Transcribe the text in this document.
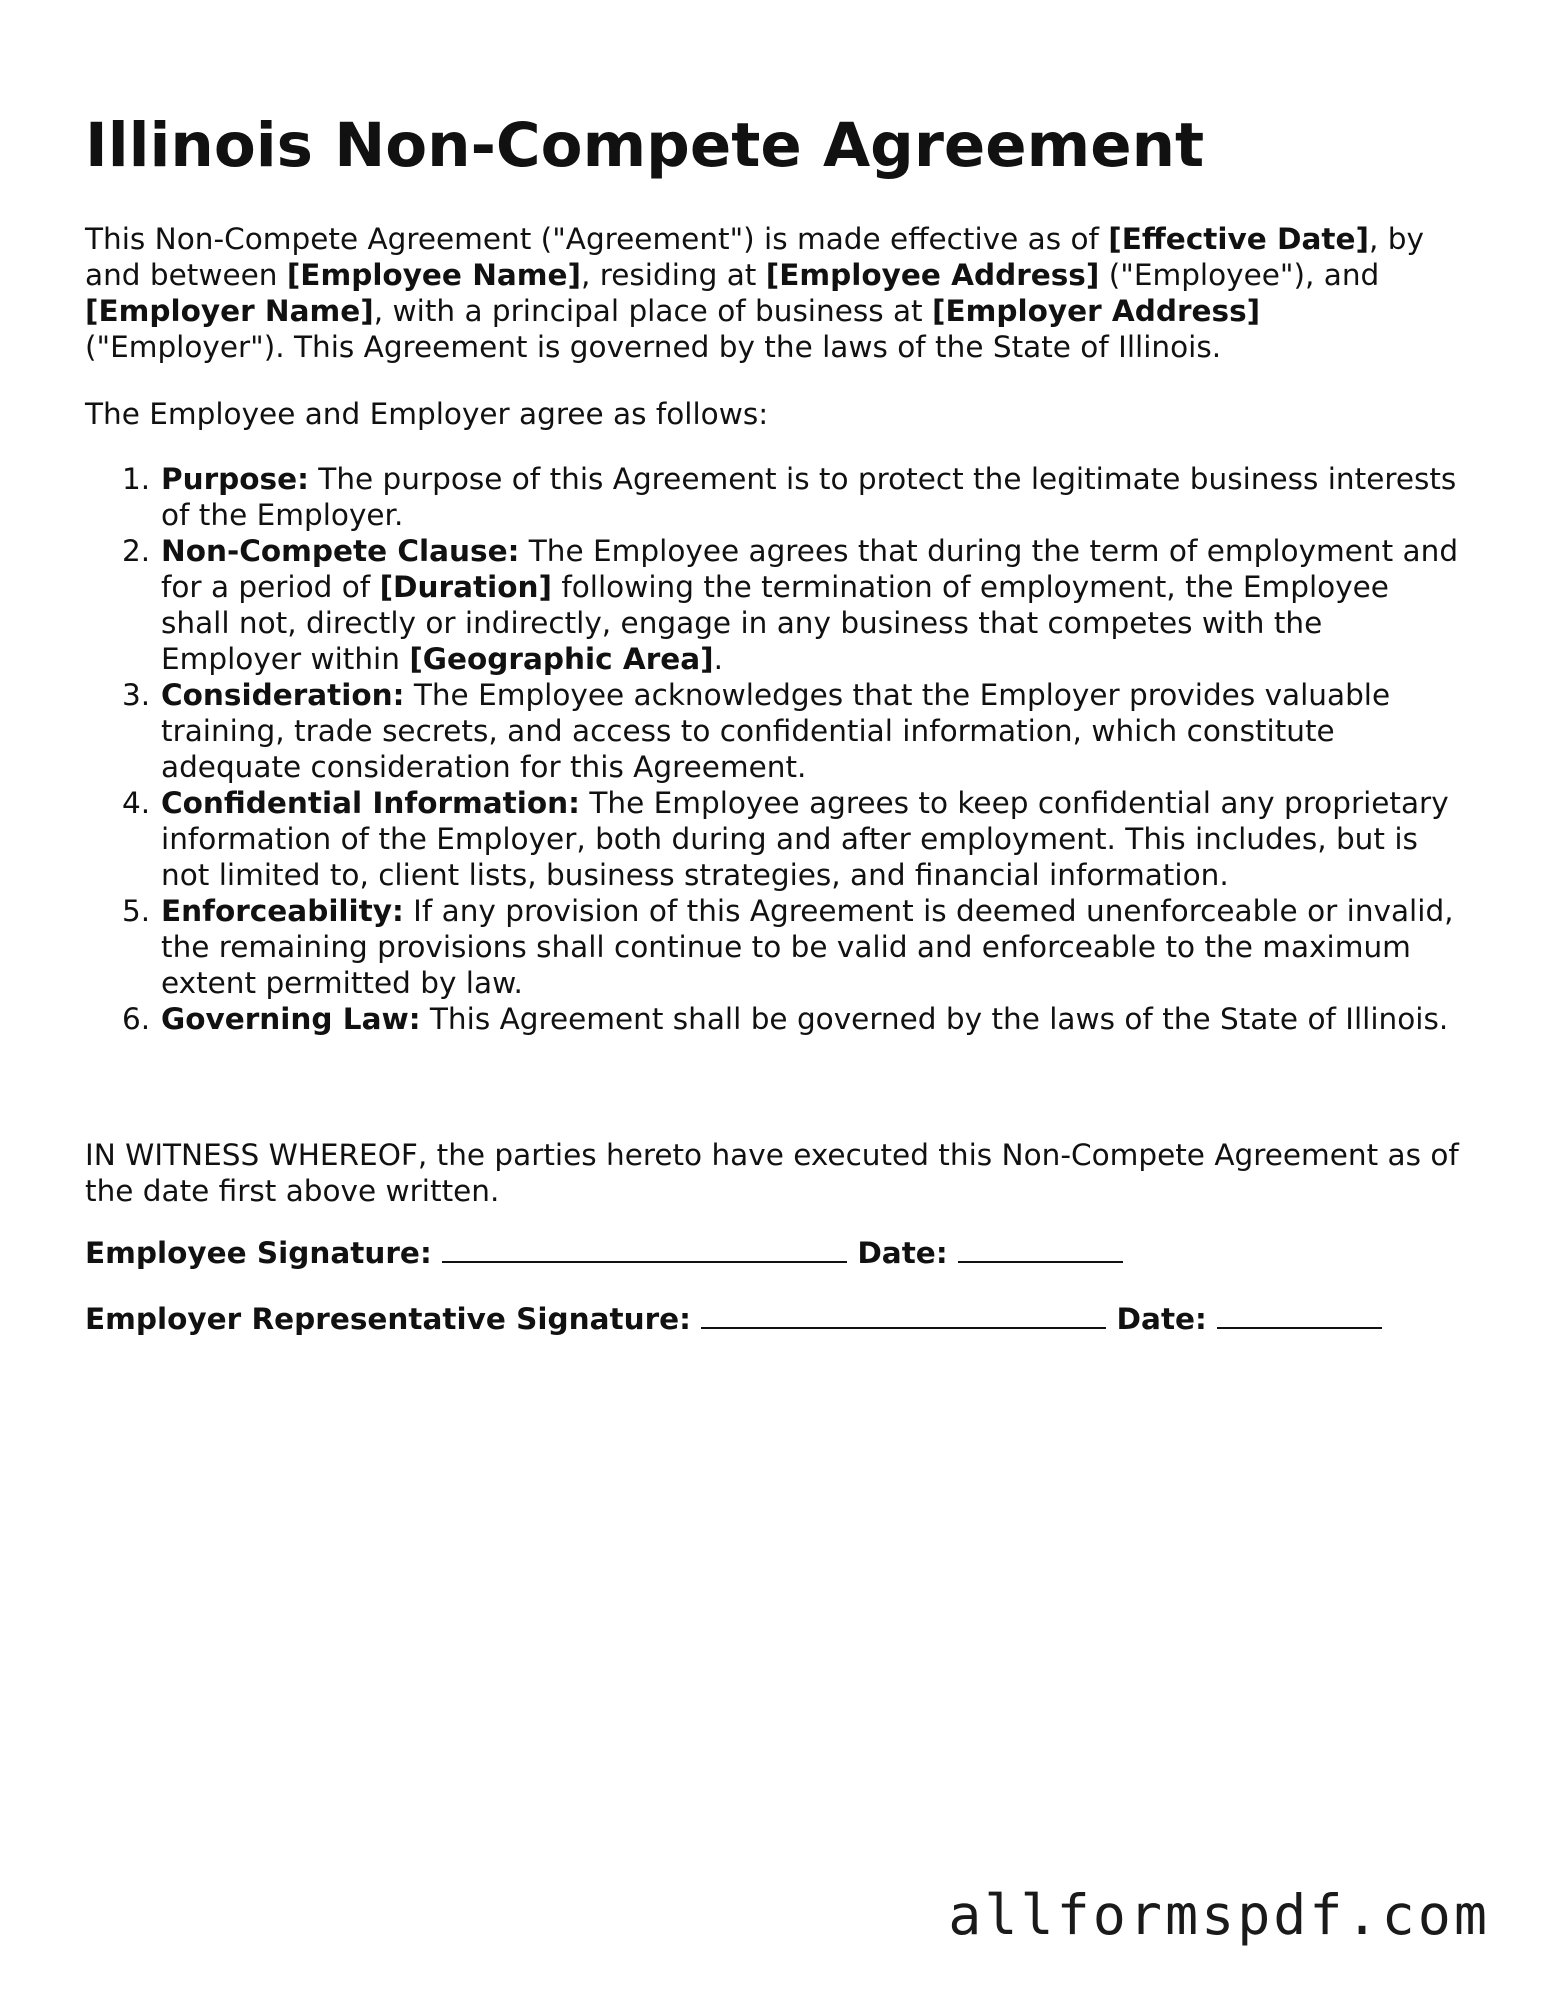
Illinois Non-Compete Agreement

This Non-Compete Agreement ("Agreement") is made effective as of [Effective Date], by and between [Employee Name], residing at [Employee Address] ("Employee"), and [Employer Name], with a principal place of business at [Employer Address] ("Employer"). This Agreement is governed by the laws of the State of Illinois.

The Employee and Employer agree as follows:

1. Purpose: The purpose of this Agreement is to protect the legitimate business interests of the Employer.
2. Non-Compete Clause: The Employee agrees that during the term of employment and for a period of [Duration] following the termination of employment, the Employee shall not, directly or indirectly, engage in any business that competes with the Employer within [Geographic Area].
3. Consideration: The Employee acknowledges that the Employer provides valuable training, trade secrets, and access to confidential information, which constitute adequate consideration for this Agreement.
4. Confidential Information: The Employee agrees to keep confidential any proprietary information of the Employer, both during and after employment. This includes, but is not limited to, client lists, business strategies, and financial information.
5. Enforceability: If any provision of this Agreement is deemed unenforceable or invalid, the remaining provisions shall continue to be valid and enforceable to the maximum extent permitted by law.
6. Governing Law: This Agreement shall be governed by the laws of the State of Illinois.

IN WITNESS WHEREOF, the parties hereto have executed this Non-Compete Agreement as of the date first above written.

Employee Signature:	Date:
Employer Representative Signature:	Date:
allformspdf.com
